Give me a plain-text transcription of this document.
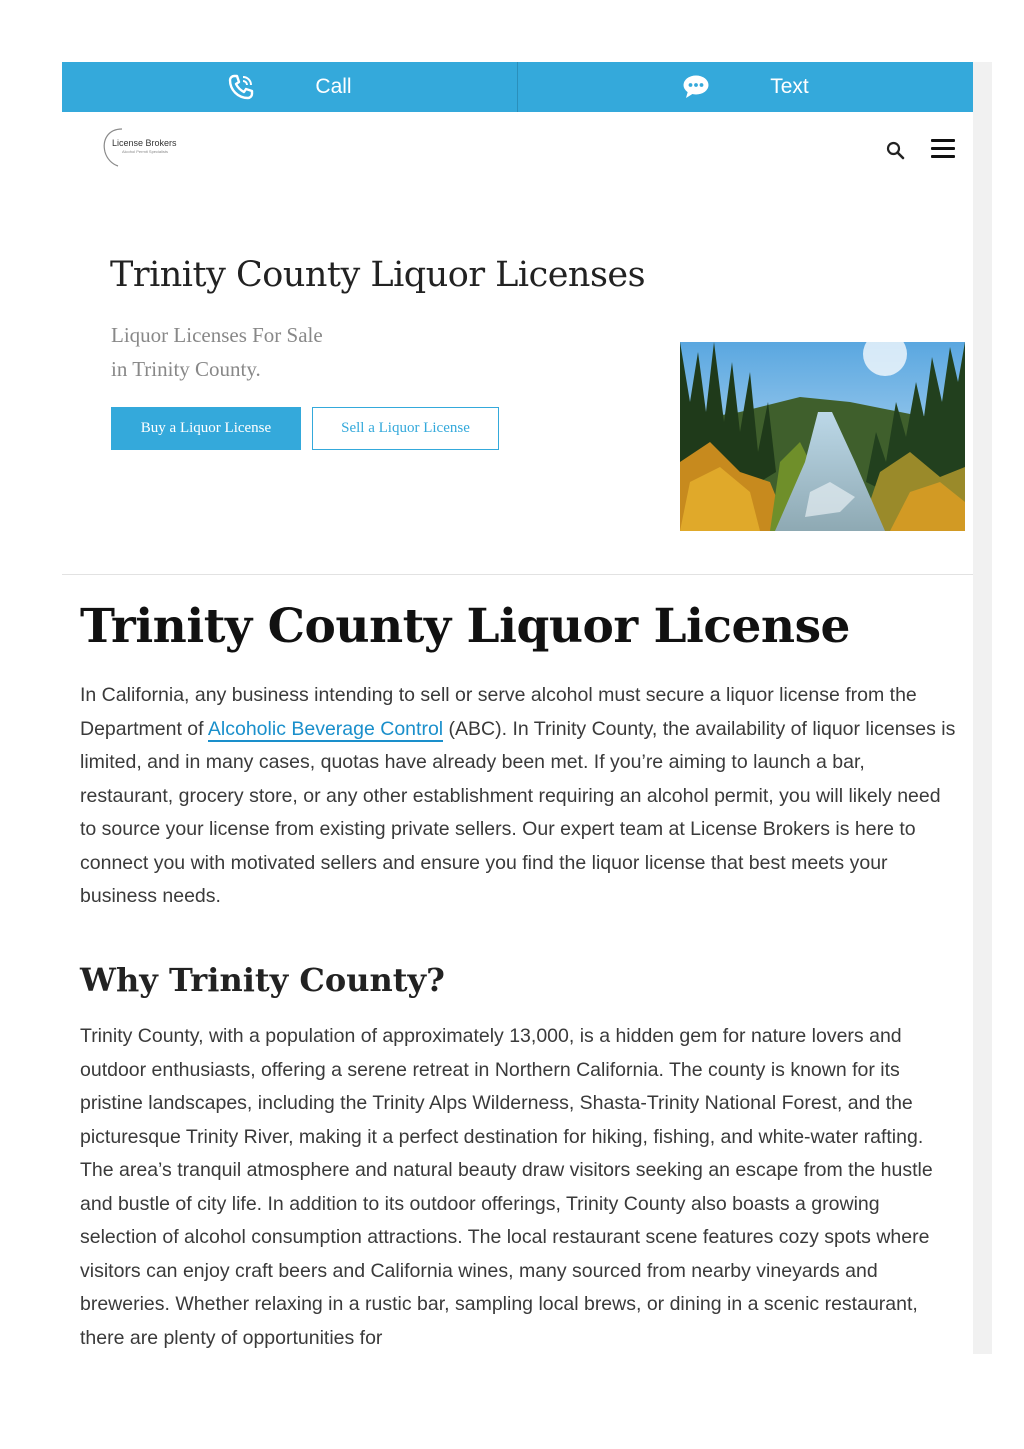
Call	Text
License Brokers
Alcohol Permit Specialists
Trinity County Liquor Licenses
Liquor Licenses For Sale
in Trinity County.
Buy a Liquor License	Sell a Liquor License
Trinity County Liquor License

In California, any business intending to sell or serve alcohol must secure a liquor license from the Department of Alcoholic Beverage Control (ABC). In Trinity County, the availability of liquor licenses is limited, and in many cases, quotas have already been met. If you’re aiming to launch a bar, restaurant, grocery store, or any other establishment requiring an alcohol permit, you will likely need to source your license from existing private sellers. Our expert team at License Brokers is here to connect you with motivated sellers and ensure you find the liquor license that best meets your business needs.

Why Trinity County?

Trinity County, with a population of approximately 13,000, is a hidden gem for nature lovers and outdoor enthusiasts, offering a serene retreat in Northern California. The county is known for its pristine landscapes, including the Trinity Alps Wilderness, Shasta-Trinity National Forest, and the picturesque Trinity River, making it a perfect destination for hiking, fishing, and white-water rafting. The area’s tranquil atmosphere and natural beauty draw visitors seeking an escape from the hustle and bustle of city life. In addition to its outdoor offerings, Trinity County also boasts a growing selection of alcohol consumption attractions. The local restaurant scene features cozy spots where visitors can enjoy craft beers and California wines, many sourced from nearby vineyards and breweries. Whether relaxing in a rustic bar, sampling local brews, or dining in a scenic restaurant, there are plenty of opportunities for
